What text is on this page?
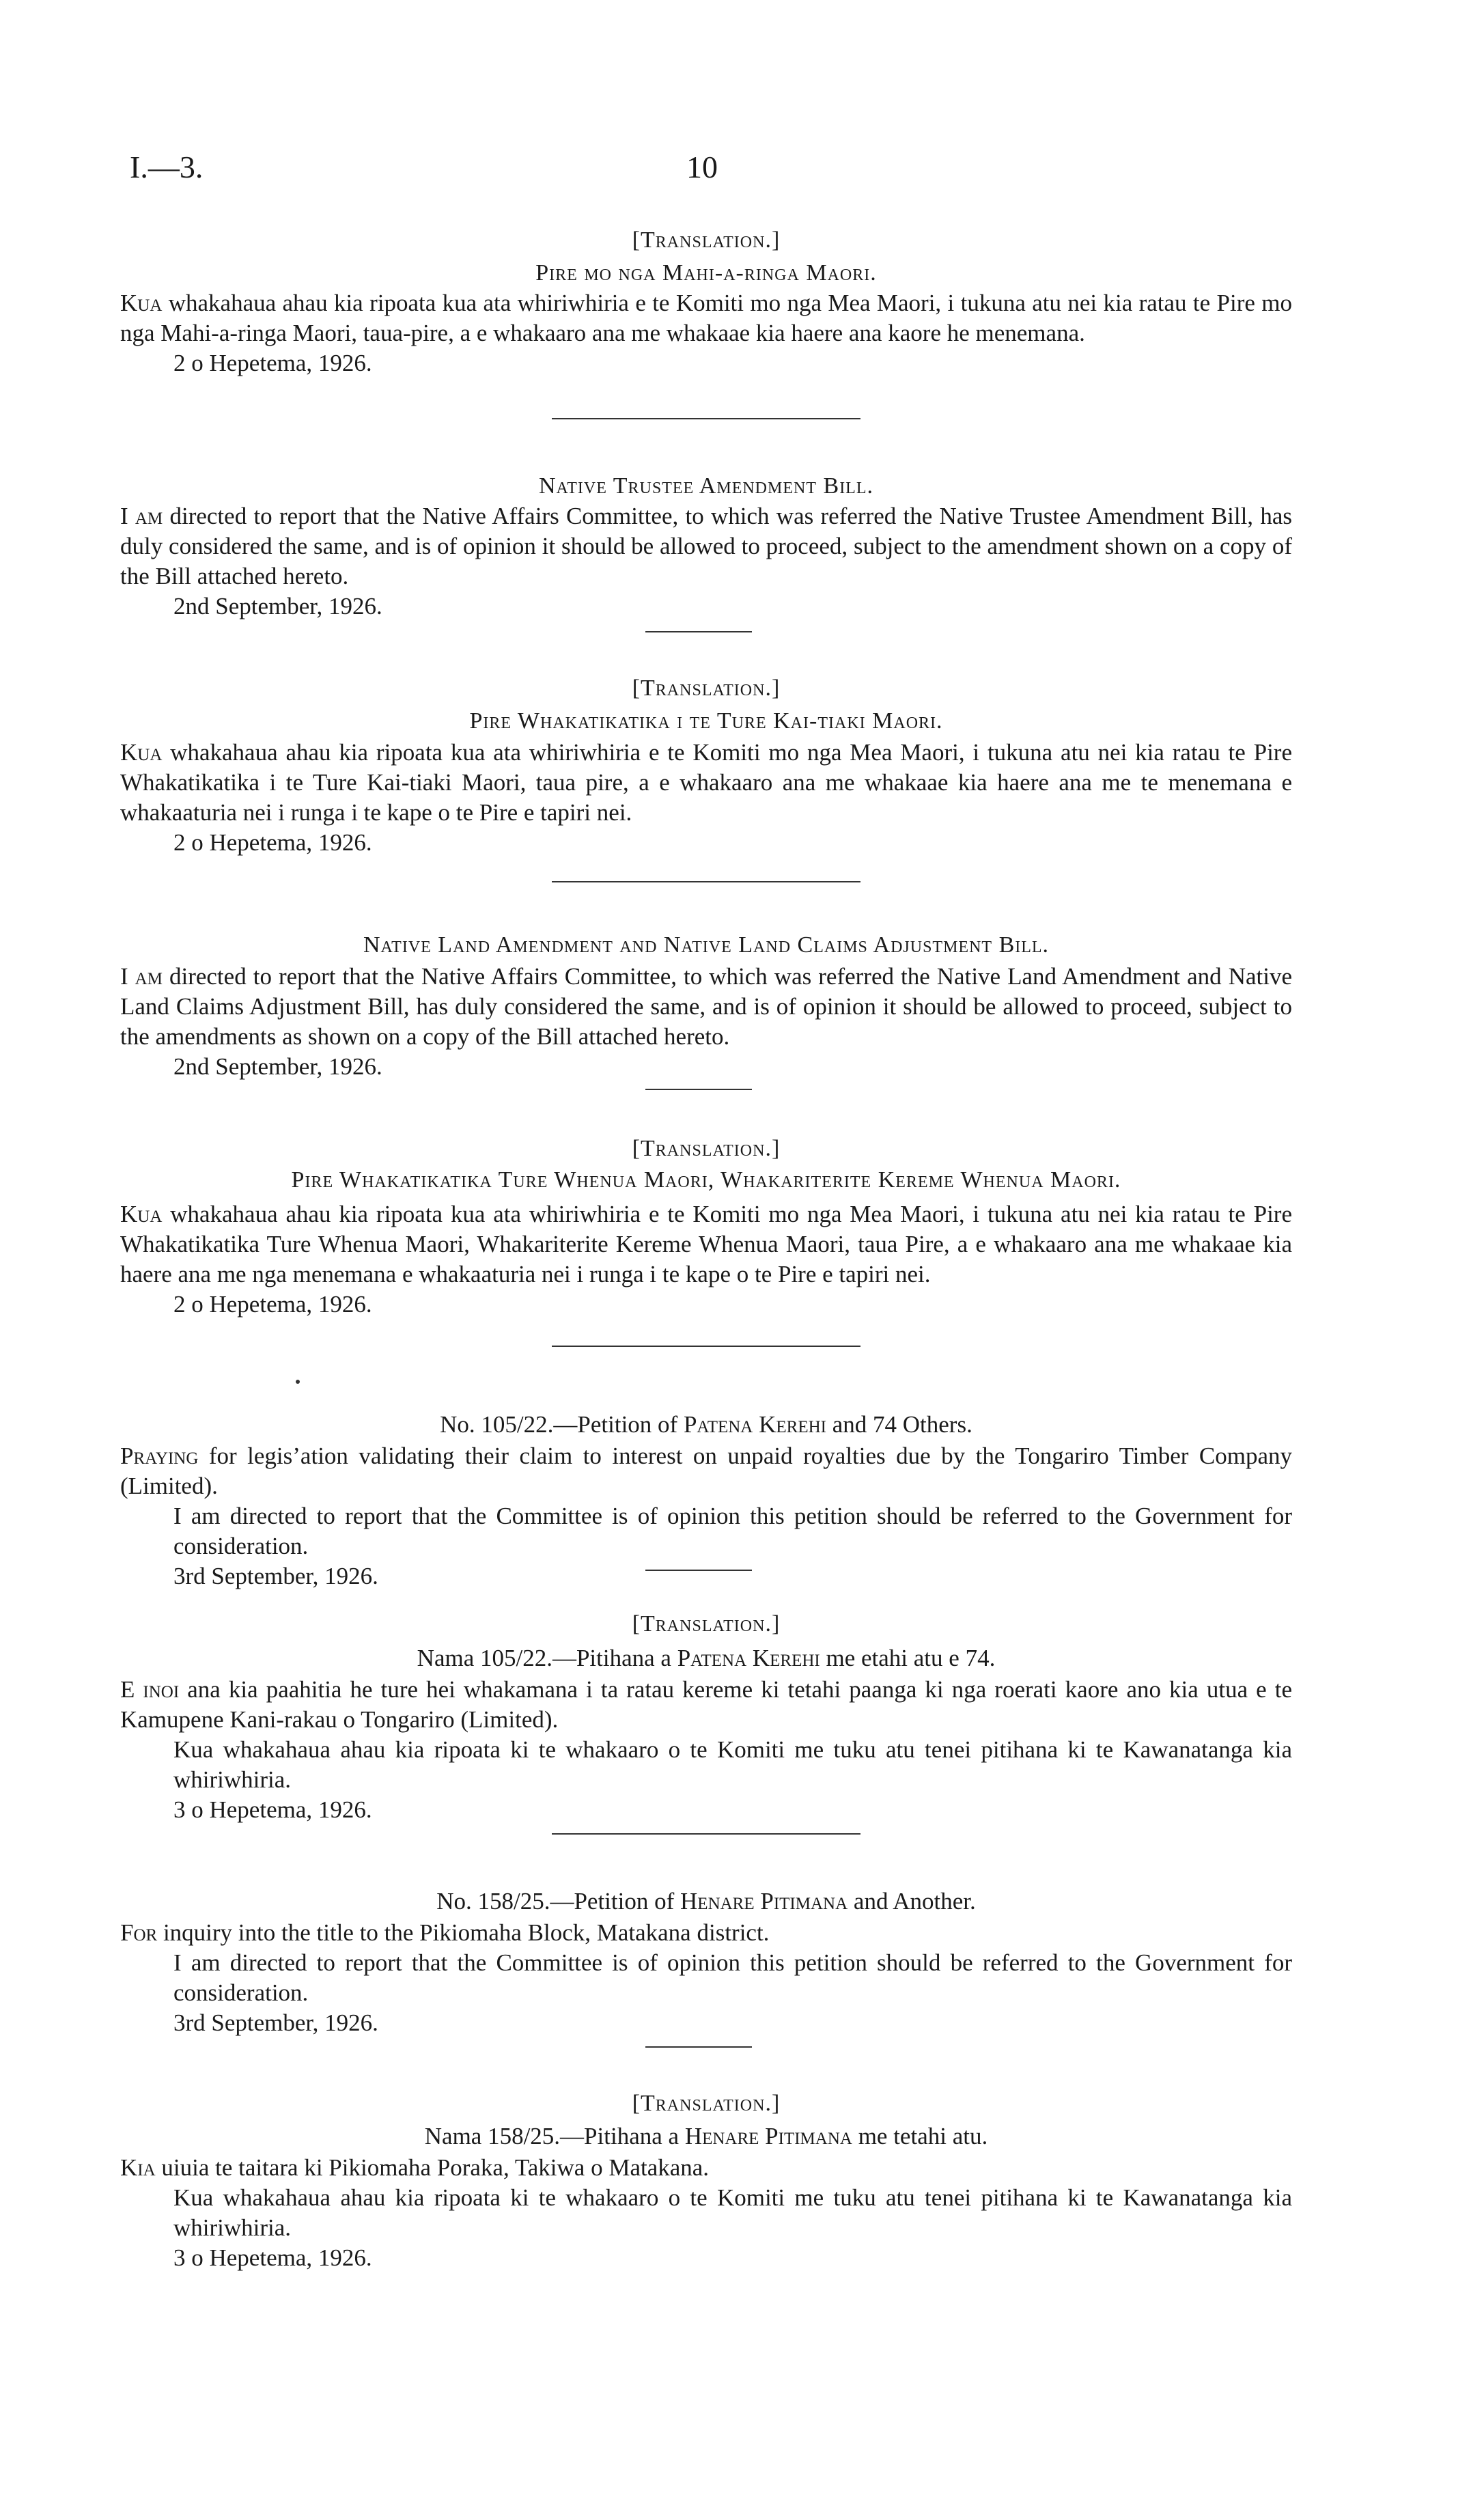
I.—3.	10
[Translation.]
Pire mo nga Mahi-a-ringa Maori.

Kua whakahaua ahau kia ripoata kua ata whiriwhiria e te Komiti mo nga Mea Maori, i tukuna atu nei kia ratau te Pire mo nga Mahi-a-ringa Maori, taua-pire, a e whakaaro ana me whakaae kia haere ana kaore he menemana.

2 o Hepetema, 1926.

Native Trustee Amendment Bill.

I am directed to report that the Native Affairs Committee, to which was referred the Native Trustee Amendment Bill, has duly considered the same, and is of opinion it should be allowed to proceed, subject to the amendment shown on a copy of the Bill attached hereto.

2nd September, 1926.

[Translation.]
Pire Whakatikatika i te Ture Kai-tiaki Maori.

Kua whakahaua ahau kia ripoata kua ata whiriwhiria e te Komiti mo nga Mea Maori, i tukuna atu nei kia ratau te Pire Whakatikatika i te Ture Kai-tiaki Maori, taua pire, a e whakaaro ana me whakaae kia haere ana me te menemana e whakaaturia nei i runga i te kape o te Pire e tapiri nei.

2 o Hepetema, 1926.

Native Land Amendment and Native Land Claims Adjustment Bill.

I am directed to report that the Native Affairs Committee, to which was referred the Native Land Amendment and Native Land Claims Adjustment Bill, has duly considered the same, and is of opinion it should be allowed to proceed, subject to the amendments as shown on a copy of the Bill attached hereto.

2nd September, 1926.

[Translation.]
Pire Whakatikatika Ture Whenua Maori, Whakariterite Kereme Whenua Maori.

Kua whakahaua ahau kia ripoata kua ata whiriwhiria e te Komiti mo nga Mea Maori, i tukuna atu nei kia ratau te Pire Whakatikatika Ture Whenua Maori, Whakariterite Kereme Whenua Maori, taua Pire, a e whakaaro ana me whakaae kia haere ana me nga menemana e whakaaturia nei i runga i te kape o te Pire e tapiri nei.

2 o Hepetema, 1926.

No. 105/22.—Petition of Patena Kerehi and 74 Others.

Praying for legis’ation validating their claim to interest on unpaid royalties due by the Tongariro Timber Company (Limited).

I am directed to report that the Committee is of opinion this petition should be referred to the Government for consideration.

3rd September, 1926.

[Translation.]
Nama 105/22.—Pitihana a Patena Kerehi me etahi atu e 74.

E inoi ana kia paahitia he ture hei whakamana i ta ratau kereme ki tetahi paanga ki nga roerati kaore ano kia utua e te Kamupene Kani-rakau o Tongariro (Limited).

Kua whakahaua ahau kia ripoata ki te whakaaro o te Komiti me tuku atu tenei pitihana ki te Kawanatanga kia whiriwhiria.

3 o Hepetema, 1926.

No. 158/25.—Petition of Henare Pitimana and Another.

For inquiry into the title to the Pikiomaha Block, Matakana district.

I am directed to report that the Committee is of opinion this petition should be referred to the Government for consideration.

3rd September, 1926.

[Translation.]
Nama 158/25.—Pitihana a Henare Pitimana me tetahi atu.

Kia uiuia te taitara ki Pikiomaha Poraka, Takiwa o Matakana.

Kua whakahaua ahau kia ripoata ki te whakaaro o te Komiti me tuku atu tenei pitihana ki te Kawanatanga kia whiriwhiria.

3 o Hepetema, 1926.
